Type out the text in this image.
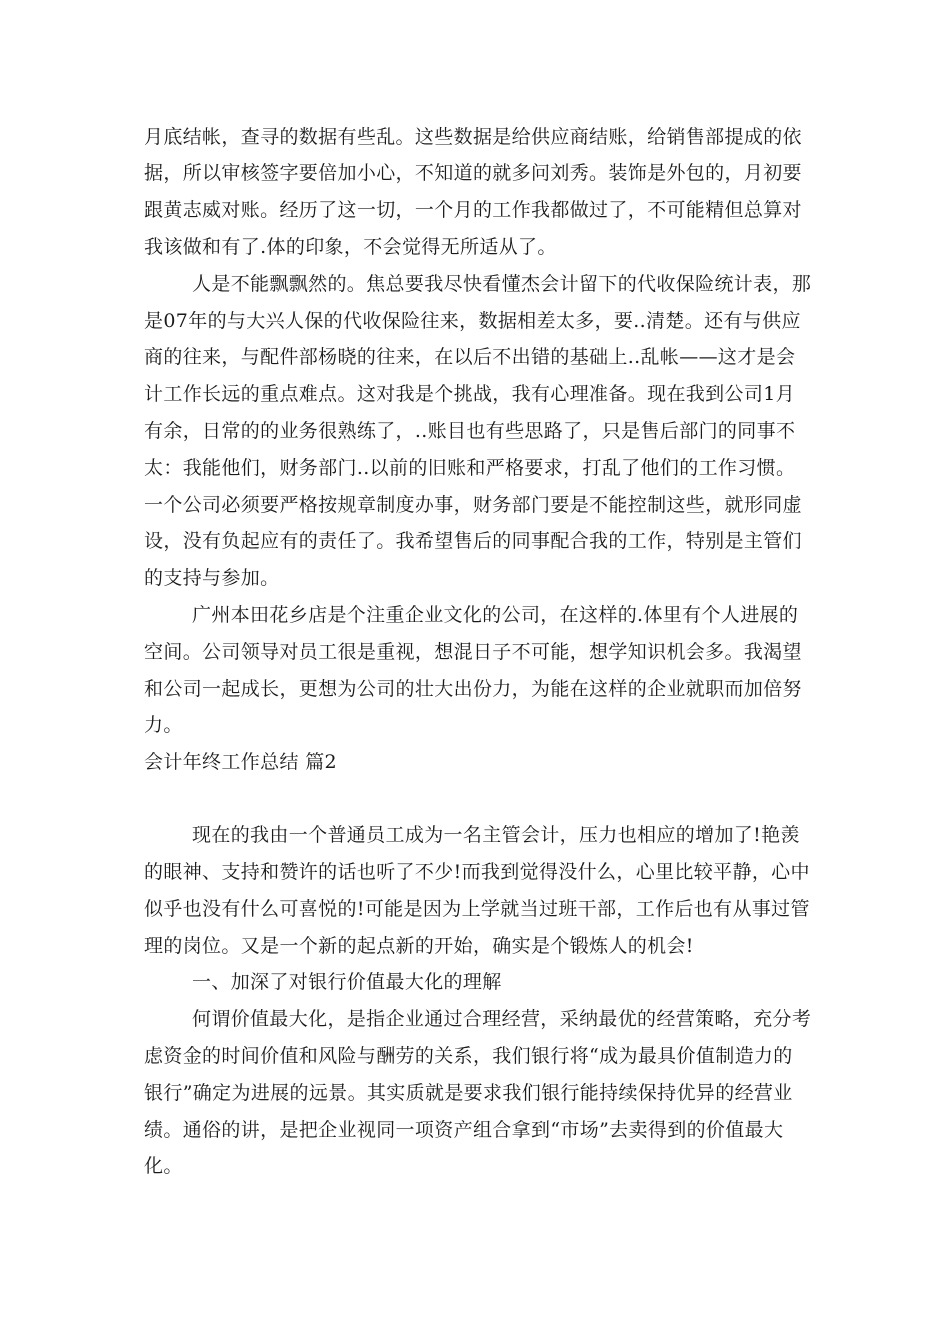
月底结帐，查寻的数据有些乱。这些数据是给供应商结账，给销售部提成的依
据，所以审核签字要倍加小心，不知道的就多问刘秀。装饰是外包的，月初要
跟黄志威对账。经历了这一切，一个月的工作我都做过了，不可能精但总算对
我该做和有了.体的印象，不会觉得无所适从了。
人是不能飘飘然的。焦总要我尽快看懂杰会计留下的代收保险统计表，那
是07年的与大兴人保的代收保险往来，数据相差太多，要..清楚。还有与供应
商的往来，与配件部杨晓的往来，在以后不出错的基础上..乱帐——这才是会
计工作长远的重点难点。这对我是个挑战，我有心理准备。现在我到公司1月
有余，日常的的业务很熟练了，..账目也有些思路了，只是售后部门的同事不
太：我能他们，财务部门..以前的旧账和严格要求，打乱了他们的工作习惯。
一个公司必须要严格按规章制度办事，财务部门要是不能控制这些，就形同虚
设，没有负起应有的责任了。我希望售后的同事配合我的工作，特别是主管们
的支持与参加。
广州本田花乡店是个注重企业文化的公司，在这样的.体里有个人进展的
空间。公司领导对员工很是重视，想混日子不可能，想学知识机会多。我渴望
和公司一起成长，更想为公司的壮大出份力，为能在这样的企业就职而加倍努
力。
会计年终工作总结 篇2
现在的我由一个普通员工成为一名主管会计，压力也相应的增加了!艳羡
的眼神、支持和赞许的话也听了不少!而我到觉得没什么，心里比较平静，心中
似乎也没有什么可喜悦的!可能是因为上学就当过班干部，工作后也有从事过管
理的岗位。又是一个新的起点新的开始，确实是个锻炼人的机会!
一、加深了对银行价值最大化的理解
何谓价值最大化，是指企业通过合理经营，采纳最优的经营策略，充分考
虑资金的时间价值和风险与酬劳的关系，我们银行将“成为最具价值制造力的
银行”确定为进展的远景。其实质就是要求我们银行能持续保持优异的经营业
绩。通俗的讲，是把企业视同一项资产组合拿到“市场”去卖得到的价值最大
化。
